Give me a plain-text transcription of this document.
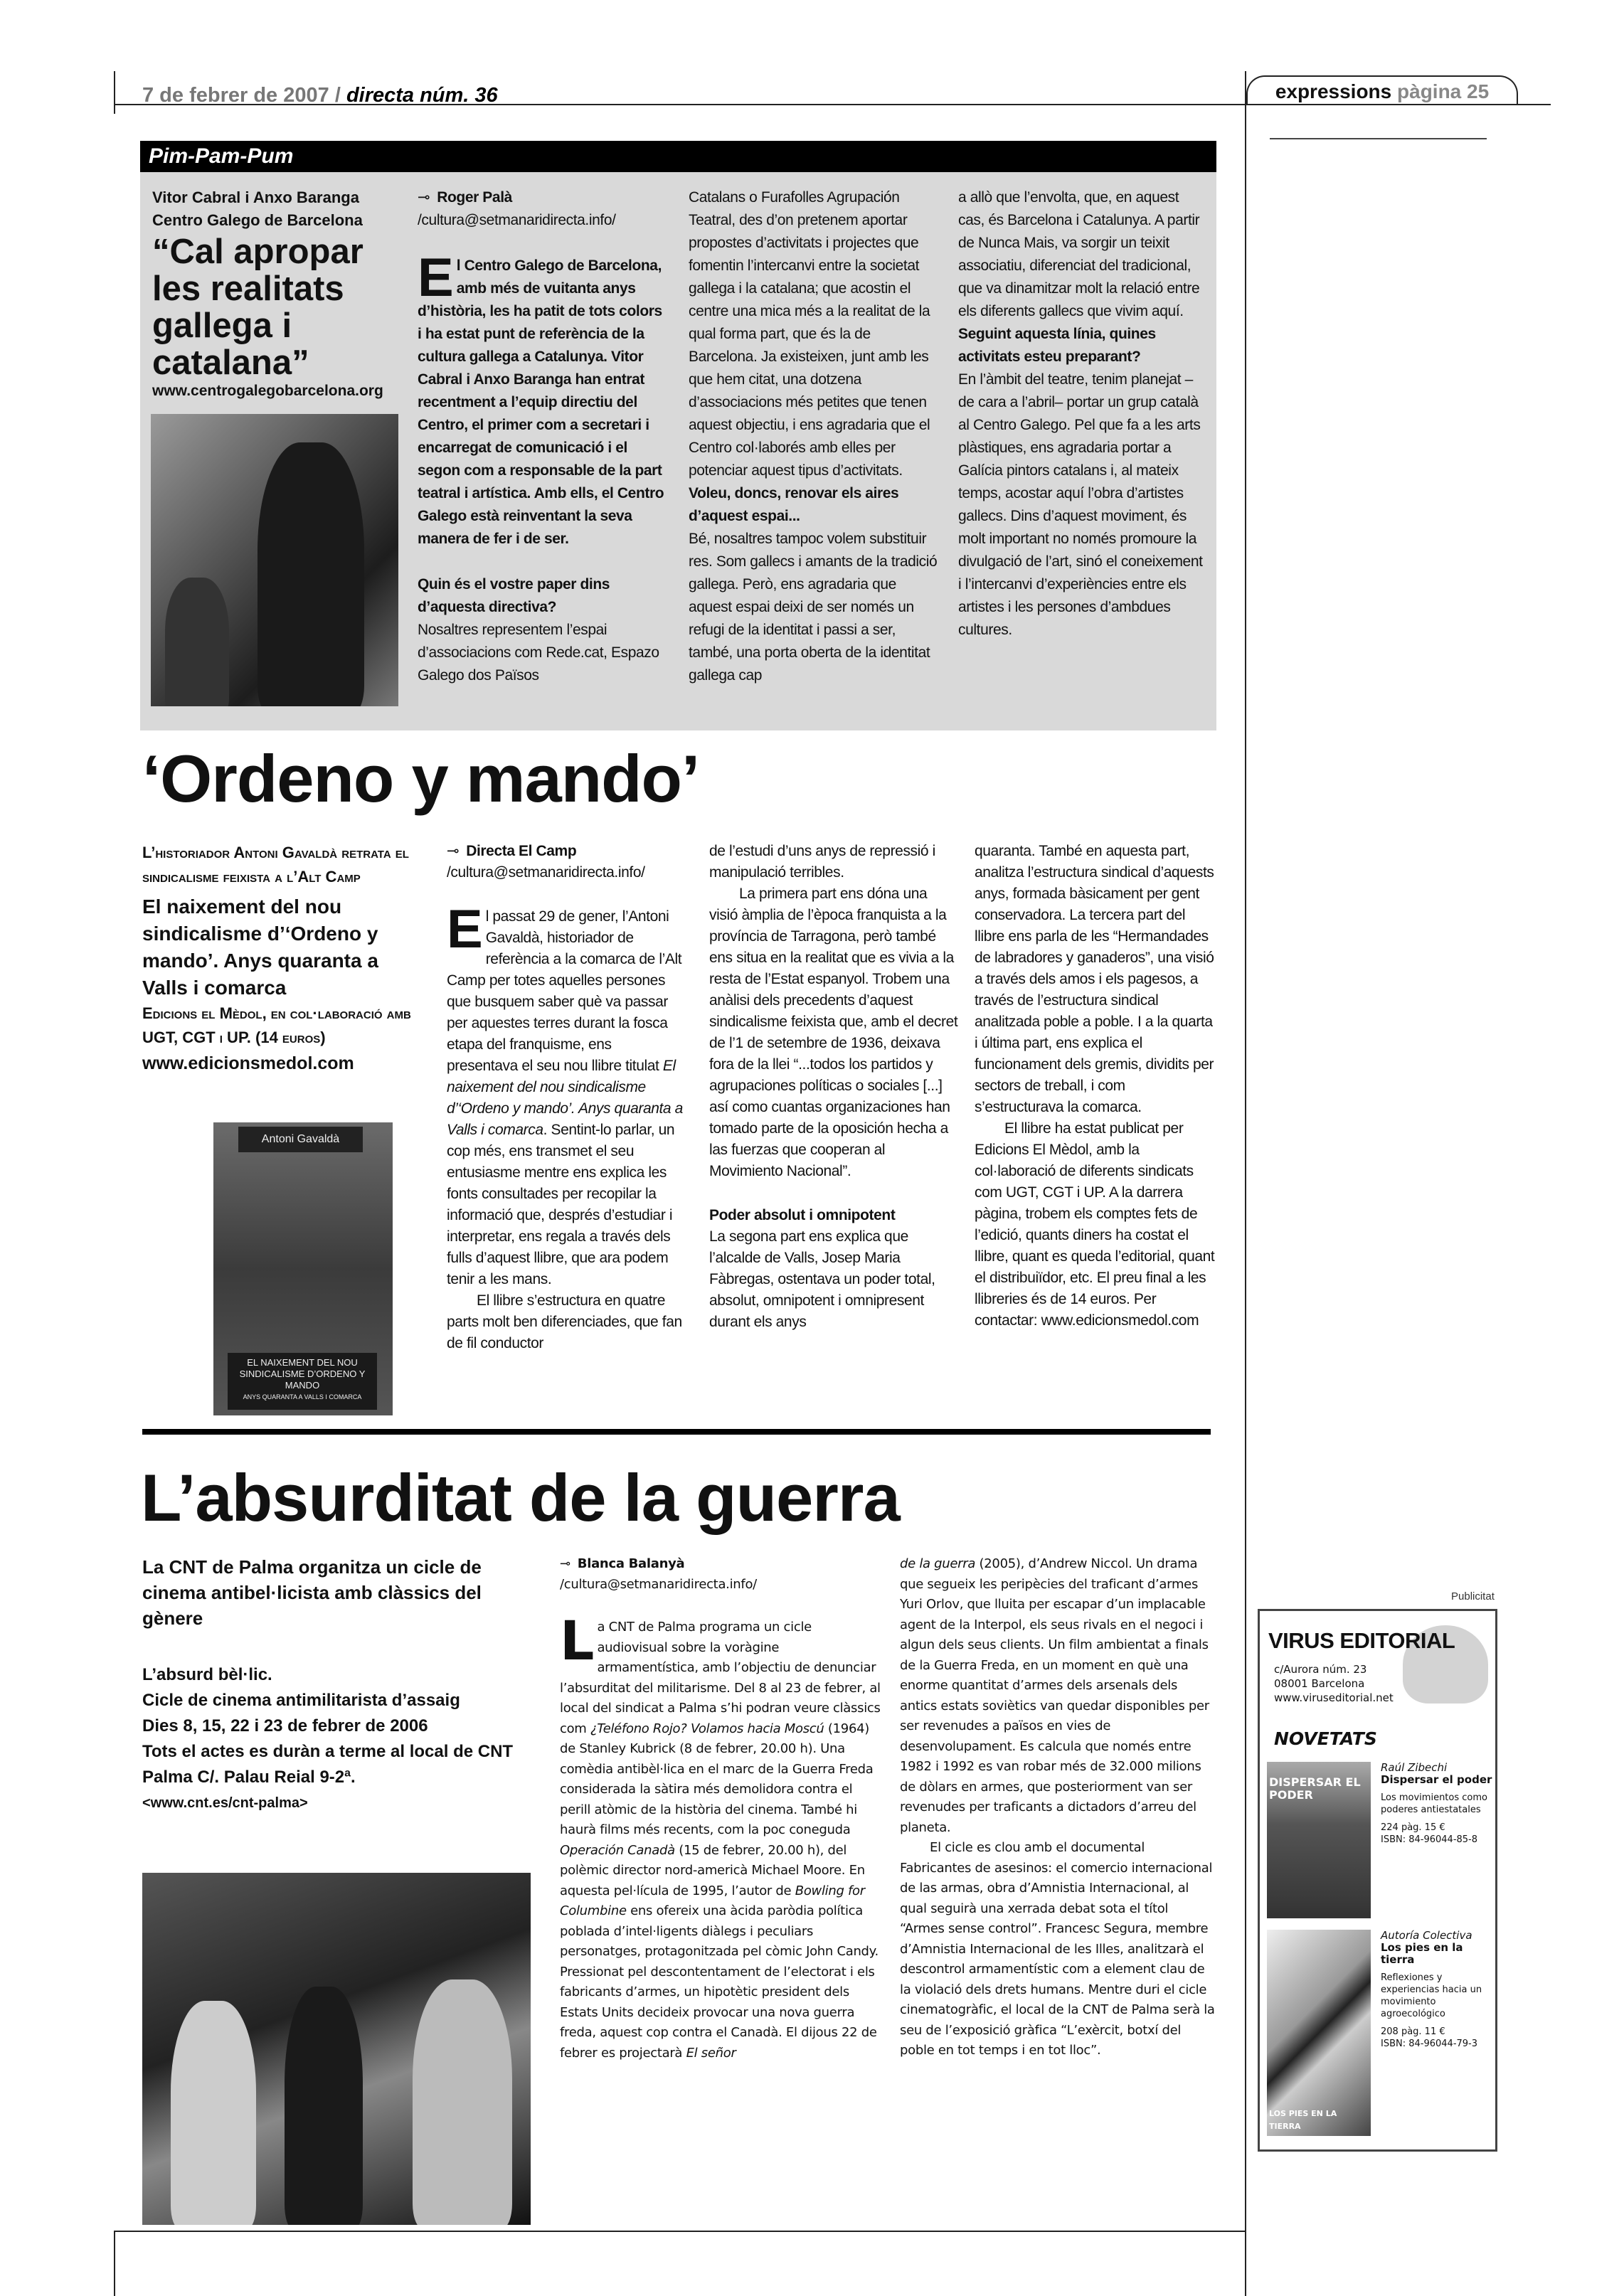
7 de febrer de 2007 / directa núm. 36	expressions pàgina 25
Pim-Pam-Pum
Vitor Cabral i Anxo Baranga
Centro Galego de Barcelona
“Cal apropar les realitats gallega i catalana”
www.centrogalegobarcelona.org
⊸ Roger Palà
/cultura@setmanaridirecta.info/

El Centro Galego de Barcelona, amb més de vuitanta anys d’història, les ha patit de tots colors i ha estat punt de referència de la cultura gallega a Catalunya. Vitor Cabral i Anxo Baranga han entrat recentment a l’equip directiu del Centro, el primer com a secretari i encarregat de comunicació i el segon com a responsable de la part teatral i artística. Amb ells, el Centro Galego està reinventant la seva manera de fer i de ser.

Quin és el vostre paper dins d’aquesta directiva?

Nosaltres representem l’espai d’associacions com Rede.cat, Espazo Galego dos Països

Catalans o Furafolles Agrupación Teatral, des d’on pretenem aportar propostes d’activitats i projectes que fomentin l’intercanvi entre la societat gallega i la catalana; que acostin el centre una mica més a la realitat de la qual forma part, que és la de Barcelona. Ja existeixen, junt amb les que hem citat, una dotzena d’associacions més petites que tenen aquest objectiu, i ens agradaria que el Centro col·laborés amb elles per potenciar aquest tipus d’activitats.

Voleu, doncs, renovar els aires d’aquest espai...

Bé, nosaltres tampoc volem substituir res. Som gallecs i amants de la tradició gallega. Però, ens agradaria que aquest espai deixi de ser només un refugi de la identitat i passi a ser, també, una porta oberta de la identitat gallega cap

a allò que l’envolta, que, en aquest cas, és Barcelona i Catalunya. A partir de Nunca Mais, va sorgir un teixit associatiu, diferenciat del tradicional, que va dinamitzar molt la relació entre els diferents gallecs que vivim aquí.

Seguint aquesta línia, quines activitats esteu preparant?

En l’àmbit del teatre, tenim planejat –de cara a l’abril– portar un grup català al Centro Galego. Pel que fa a les arts plàstiques, ens agradaria portar a Galícia pintors catalans i, al mateix temps, acostar aquí l’obra d’artistes gallecs. Dins d’aquest moviment, és molt important no només promoure la divulgació de l’art, sinó el coneixement i l’intercanvi d’experiències entre els artistes i les persones d’ambdues cultures.

‘Ordeno y mando’
L’historiador Antoni Gavaldà retrata el sindicalisme feixista a l’Alt Camp
El naixement del nou sindicalisme d’‘Ordeno y mando’. Anys quaranta a Valls i comarca
Edicions el Mèdol, en col·laboració amb UGT, CGT i UP. (14 euros)
www.edicionsmedol.com
Antoni Gavaldà
EL NAIXEMENT DEL NOU SINDICALISME D’ORDENO Y MANDO
ANYS QUARANTA A VALLS I COMARCA
⊸ Directa El Camp
/cultura@setmanaridirecta.info/

El passat 29 de gener, l’Antoni Gavaldà, historiador de referència a la comarca de l’Alt Camp per totes aquelles persones que busquem saber què va passar per aquestes terres durant la fosca etapa del franquisme, ens presentava el seu nou llibre titulat El naixement del nou sindicalisme d’‘Ordeno y mando’. Anys quaranta a Valls i comarca. Sentint-lo parlar, un cop més, ens transmet el seu entusiasme mentre ens explica les fonts consultades per recopilar la informació que, després d’estudiar i interpretar, ens regala a través dels fulls d’aquest llibre, que ara podem tenir a les mans.

El llibre s’estructura en quatre parts molt ben diferenciades, que fan de fil conductor

de l’estudi d’uns anys de repressió i manipulació terribles.

La primera part ens dóna una visió àmplia de l’època franquista a la província de Tarragona, però també ens situa en la realitat que es vivia a la resta de l’Estat espanyol. Trobem una anàlisi dels precedents d’aquest sindicalisme feixista que, amb el decret de l’1 de setembre de 1936, deixava fora de la llei “...todos los partidos y agrupaciones políticas o sociales [...] así como cuantas organizaciones han tomado parte de la oposición hecha a las fuerzas que cooperan al Movimiento Nacional”.

Poder absolut i omnipotent

La segona part ens explica que l’alcalde de Valls, Josep Maria Fàbregas, ostentava un poder total, absolut, omnipotent i omnipresent durant els anys

quaranta. També en aquesta part, analitza l’estructura sindical d’aquests anys, formada bàsicament per gent conservadora. La tercera part del llibre ens parla de les “Hermandades de labradores y ganaderos”, una visió a través dels amos i els pagesos, a través de l’estructura sindical analitzada poble a poble. I a la quarta i última part, ens explica el funcionament dels gremis, dividits per sectors de treball, i com s’estructurava la comarca.

El llibre ha estat publicat per Edicions El Mèdol, amb la col·laboració de diferents sindicats com UGT, CGT i UP. A la darrera pàgina, trobem els comptes fets de l’edició, quants diners ha costat el llibre, quant es queda l’editorial, quant el distribuiïdor, etc. El preu final a les llibreries és de 14 euros. Per contactar: www.edicionsmedol.com

L’absurditat de la guerra
La CNT de Palma organitza un cicle de cinema antibel·licista amb clàssics del gènere
L’absurd bèl·lic.
Cicle de cinema antimilitarista d’assaig
Dies 8, 15, 22 i 23 de febrer de 2006
Tots el actes es duràn a terme al local de CNT Palma C/. Palau Reial 9-2ª.
<www.cnt.es/cnt-palma>
⊸ Blanca Balanyà
/cultura@setmanaridirecta.info/

La CNT de Palma programa un cicle audiovisual sobre la voràgine armamentística, amb l’objectiu de denunciar l’absurditat del militarisme. Del 8 al 23 de febrer, al local del sindicat a Palma s’hi podran veure clàssics com ¿Teléfono Rojo? Volamos hacia Moscú (1964) de Stanley Kubrick (8 de febrer, 20.00 h). Una comèdia antibèl·lica en el marc de la Guerra Freda considerada la sàtira més demolidora contra el perill atòmic de la història del cinema. També hi haurà films més recents, com la poc coneguda Operación Canadà (15 de febrer, 20.00 h), del polèmic director nord-americà Michael Moore. En aquesta pel·lícula de 1995, l’autor de Bowling for Columbine ens ofereix una àcida paròdia política poblada d’intel·ligents diàlegs i peculiars personatges, protagonitzada pel còmic John Candy. Pressionat pel descontentament de l’electorat i els fabricants d’armes, un hipotètic president dels Estats Units decideix provocar una nova guerra freda, aquest cop contra el Canadà. El dijous 22 de febrer es projectarà El señor

de la guerra (2005), d’Andrew Niccol. Un drama que segueix les peripècies del traficant d’armes Yuri Orlov, que lluita per escapar d’un implacable agent de la Interpol, els seus rivals en el negoci i algun dels seus clients. Un film ambientat a finals de la Guerra Freda, en un moment en què una enorme quantitat d’armes dels arsenals dels antics estats soviètics van quedar disponibles per ser revenudes a països en vies de desenvolupament. Es calcula que només entre 1982 i 1992 es van robar més de 32.000 milions de dòlars en armes, que posteriorment van ser revenudes per traficants a dictadors d’arreu del planeta.

El cicle es clou amb el documental Fabricantes de asesinos: el comercio internacional de las armas, obra d’Amnistia Internacional, al qual seguirà una xerrada debat sota el títol “Armes sense control”. Francesc Segura, membre d’Amnistia Internacional de les Illes, analitzarà el descontrol armamentístic com a element clau de la violació dels drets humans. Mentre duri el cicle cinematogràfic, el local de la CNT de Palma serà la seu de l’exposició gràfica “L’exèrcit, botxí del poble en tot temps i en tot lloc”.

Publicitat
VIRUS EDITORIAL
c/Aurora núm. 23
08001 Barcelona
www.viruseditorial.net
NOVETATS
DISPERSAR EL PODER
Raúl Zibechi
Dispersar el poder
Los movimientos como poderes antiestatales
224 pàg. 15 €
ISBN: 84-96044-85-8
LOS PIES EN LA TIERRA
Autoría Colectiva
Los pies en la tierra
Reflexiones y experiencias hacia un movimiento agroecológico
208 pàg. 11 €
ISBN: 84-96044-79-3
